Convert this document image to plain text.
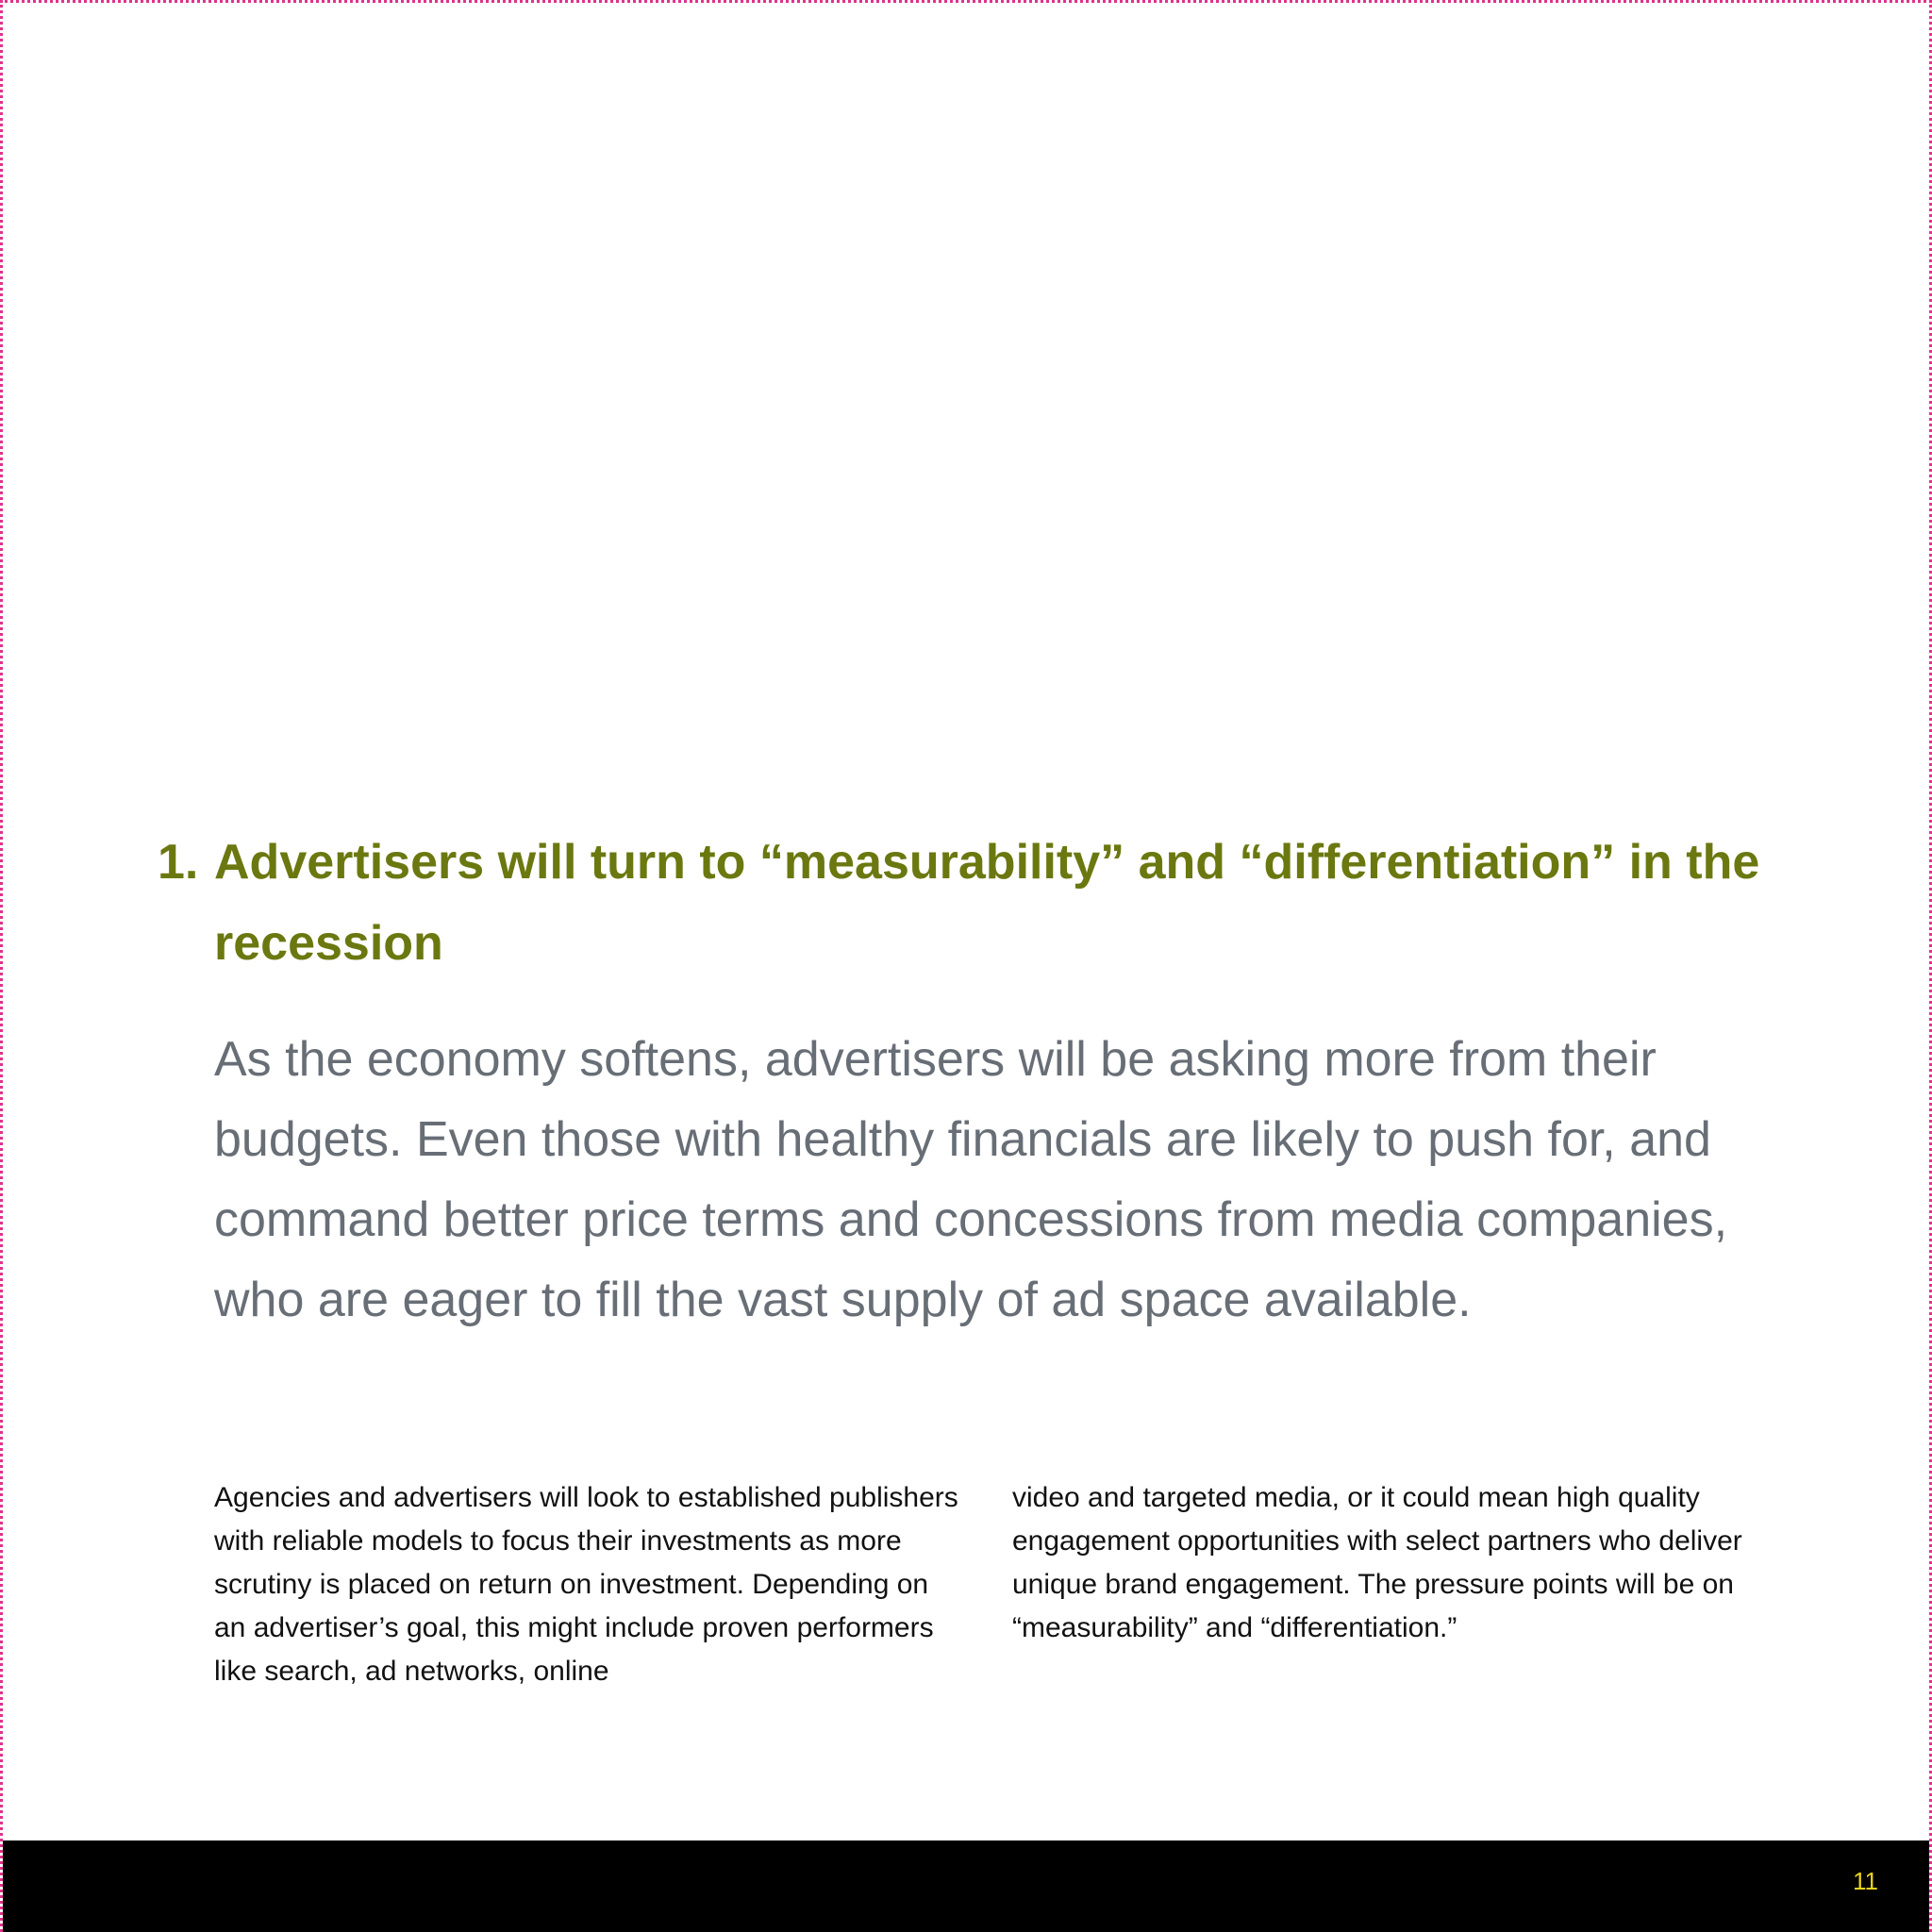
1. Advertisers will turn to “measurability” and “differentiation” in the recession

As the economy softens, advertisers will be asking more from their budgets. Even those with healthy financials are likely to push for, and command better price terms and concessions from media companies, who are eager to fill the vast supply of ad space available.

Agencies and advertisers will look to established publishers with reliable models to focus their investments as more scrutiny is placed on return on investment. Depending on an advertiser’s goal, this might include proven performers like search, ad networks, online

video and targeted media, or it could mean high quality engagement opportunities with select partners who deliver unique brand engagement. The pressure points will be on “measurability” and “differentiation.”

11
